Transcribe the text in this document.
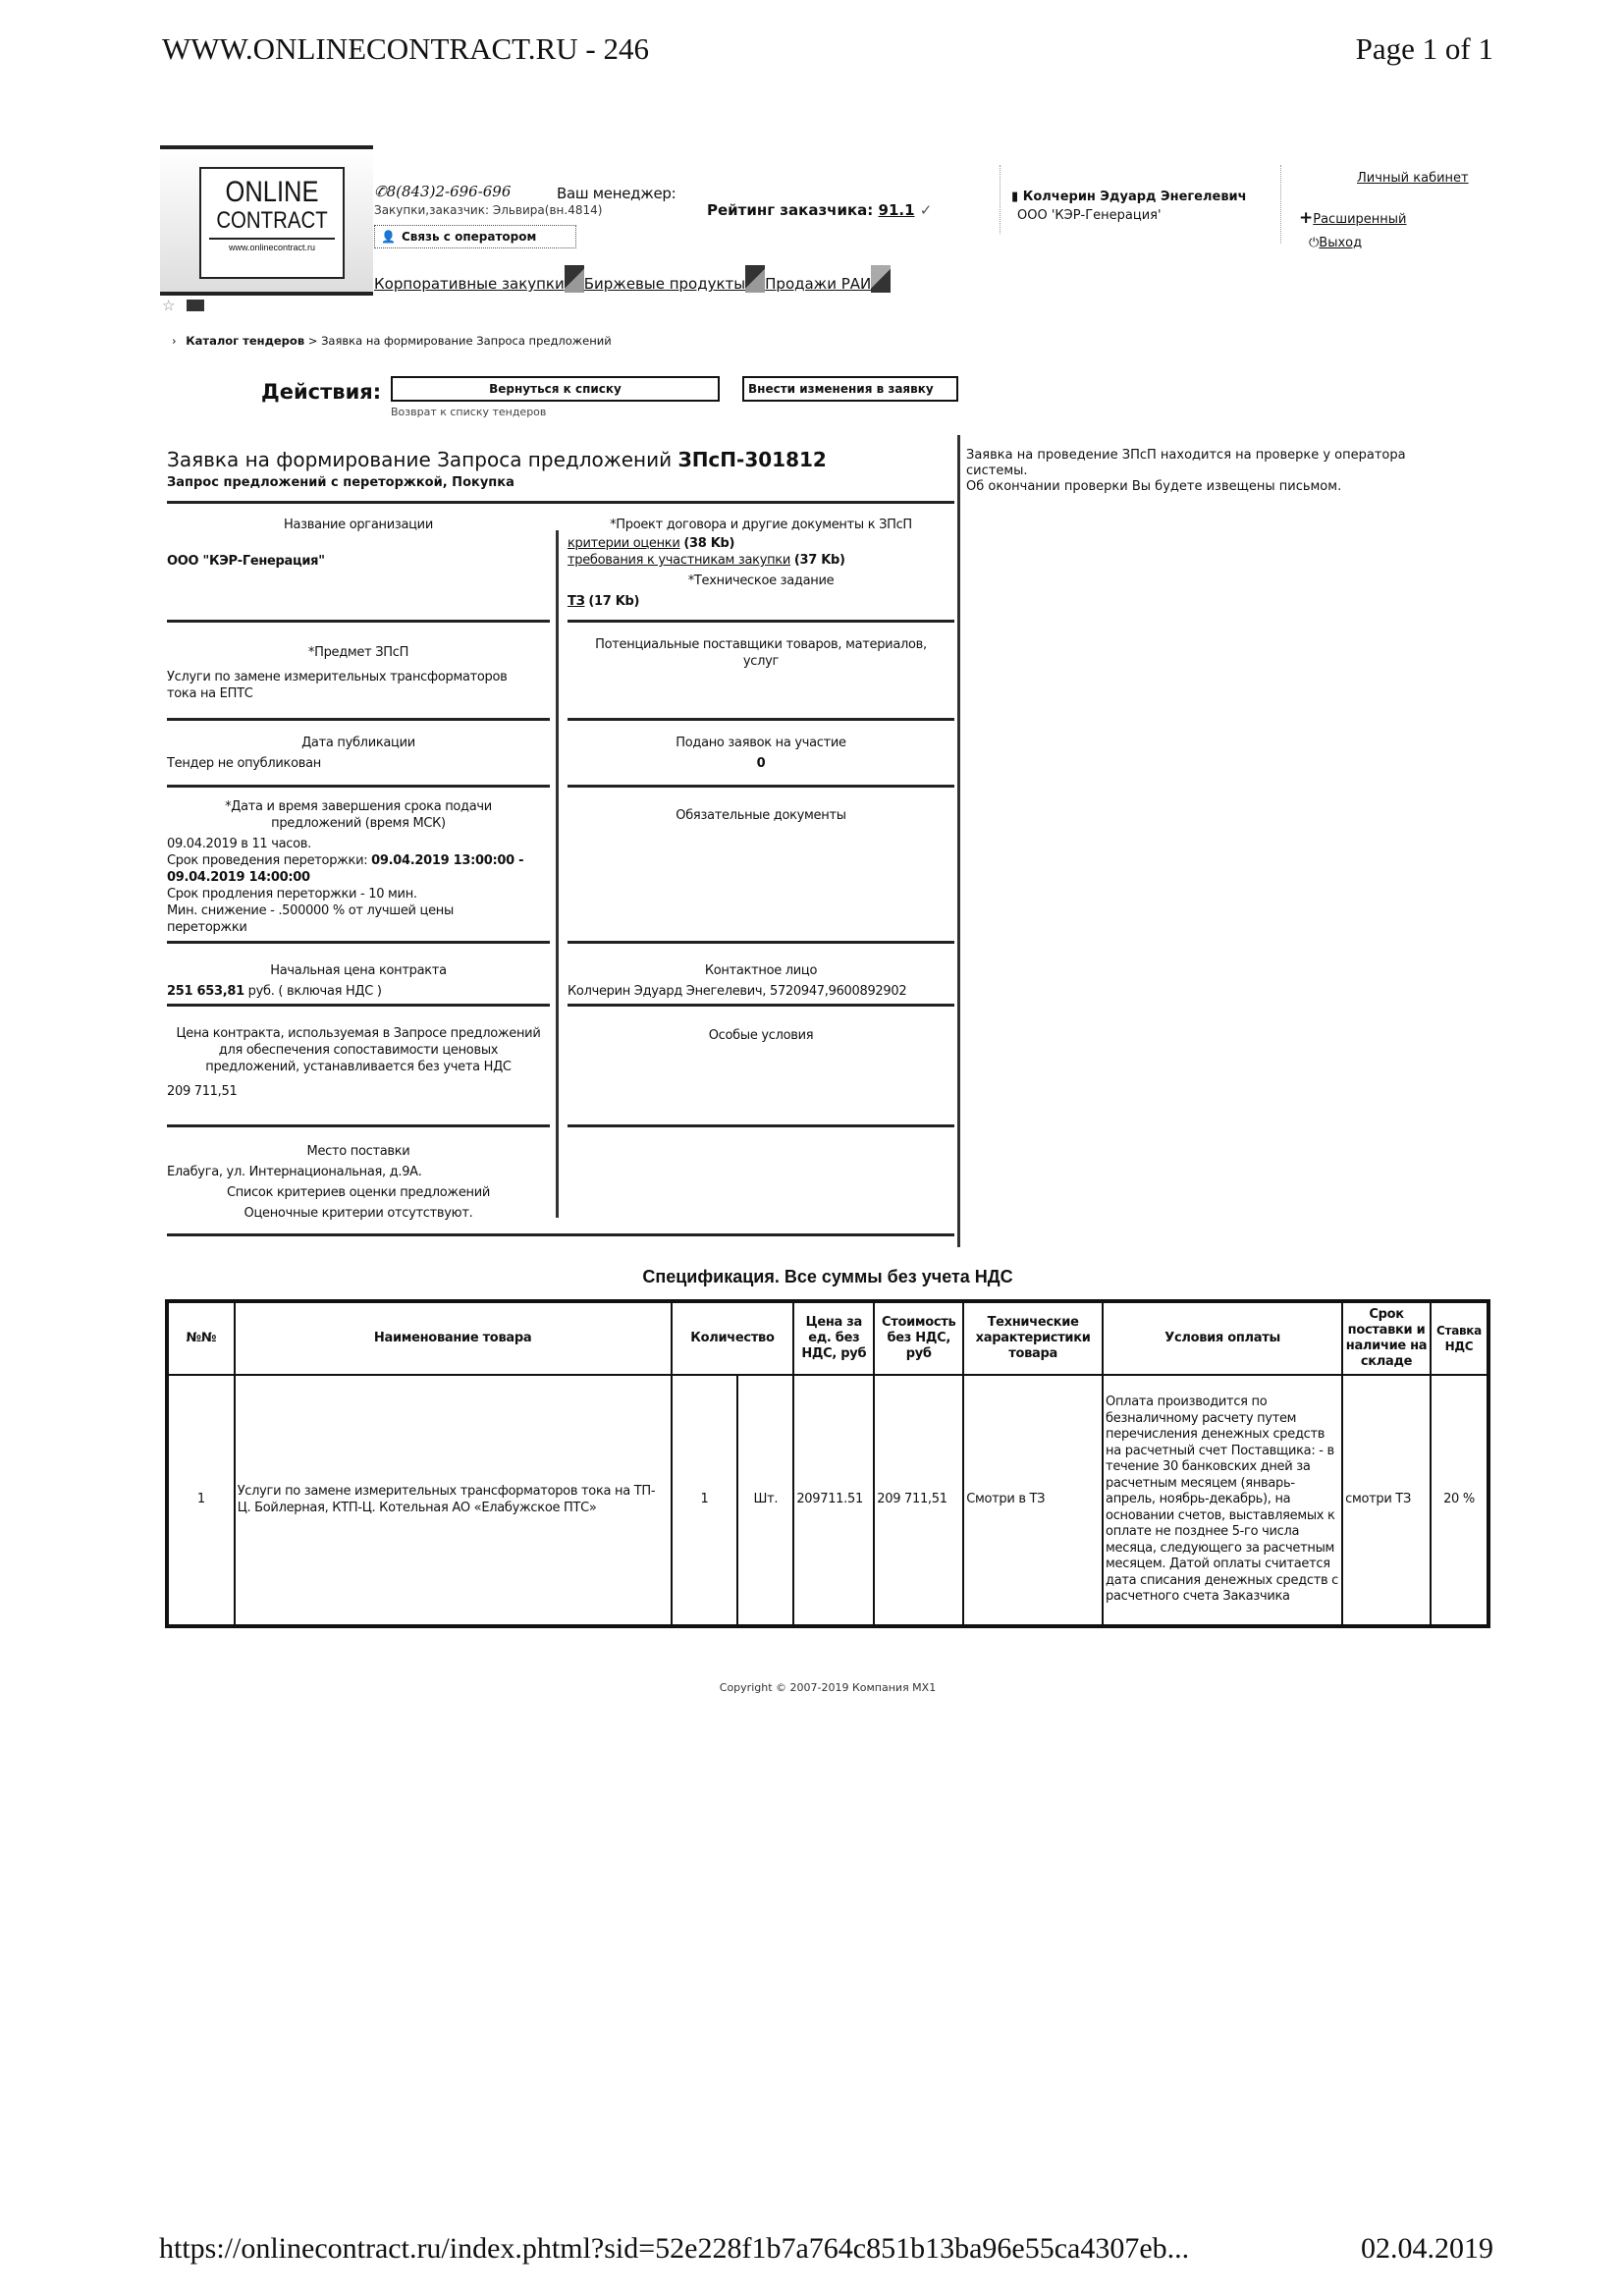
WWW.ONLINECONTRACT.RU - 246	Page 1 of 1
ONLINE
CONTRACT
www.onlinecontract.ru
☆
✆8(843)2-696-696	Ваш менеджер:
Закупки,заказчик: Эльвира(вн.4814)
👤 Связь с оператором
Рейтинг заказчика: 91.1 ✓
Корпоративные закупки Биржевые продукты Продажи РАИ
▮ Колчерин Эдуард Энегелевич
ООО 'КЭР-Генерация'
Личный кабинет
+Расширенный
⏻Выход
› Каталог тендеров > Заявка на формирование Запроса предложений
Действия:	Вернуться к списку
Возврат к списку тендеров
Внести изменения в заявку
Заявка на формирование Запроса предложений ЗПсП-301812
Запрос предложений с переторжкой, Покупка
Заявка на проведение ЗПсП находится на проверке у оператора системы.
Об окончании проверки Вы будете извещены письмом.
Название организации
ООО "КЭР-Генерация"
*Предмет ЗПсП
Услуги по замене измерительных трансформаторов тока на ЕПТС
Дата публикации
Тендер не опубликован
*Дата и время завершения срока подачи предложений (время МСК)
09.04.2019 в 11 часов.
Срок проведения переторжки: 09.04.2019 13:00:00 - 09.04.2019 14:00:00
Срок продления переторжки - 10 мин.
Мин. снижение - .500000 % от лучшей цены переторжки
Начальная цена контракта
251 653,81 руб. ( включая НДС )
Цена контракта, используемая в Запросе предложений для обеспечения сопоставимости ценовых предложений, устанавливается без учета НДС
209 711,51
Место поставки
Елабуга, ул. Интернациональная, д.9А.
Список критериев оценки предложений
Оценочные критерии отсутствуют.
*Проект договора и другие документы к ЗПсП
критерии оценки (38 Kb)
требования к участникам закупки (37 Kb)
*Техническое задание
ТЗ (17 Kb)
Потенциальные поставщики товаров, материалов, услуг
Подано заявок на участие
0
Обязательные документы
Контактное лицо
Колчерин Эдуард Энегелевич, 5720947,9600892902
Особые условия
Спецификация. Все суммы без учета НДС
№№	Наименование товара	Количество		Цена за ед. без НДС, руб	Стоимость без НДС, руб	Технические характеристики товара	Условия оплаты	Срок поставки и наличие на складе	Ставка НДС
1	Услуги по замене измерительных трансформаторов тока на ТП-Ц. Бойлерная, КТП-Ц. Котельная АО «Елабужское ПТС»	1	Шт.	209711.51	209 711,51	Смотри в ТЗ	Оплата производится по безналичному расчету путем перечисления денежных средств на расчетный счет Поставщика: - в течение 30 банковских дней за расчетным месяцем (январь-апрель, ноябрь-декабрь), на основании счетов, выставляемых к оплате не позднее 5-го числа месяца, следующего за расчетным месяцем. Датой оплаты считается дата списания денежных средств с расчетного счета Заказчика	смотри ТЗ	20 %
Copyright © 2007-2019 Компания МХ1
https://onlinecontract.ru/index.phtml?sid=52e228f1b7a764c851b13ba96e55ca4307eb...	02.04.2019
